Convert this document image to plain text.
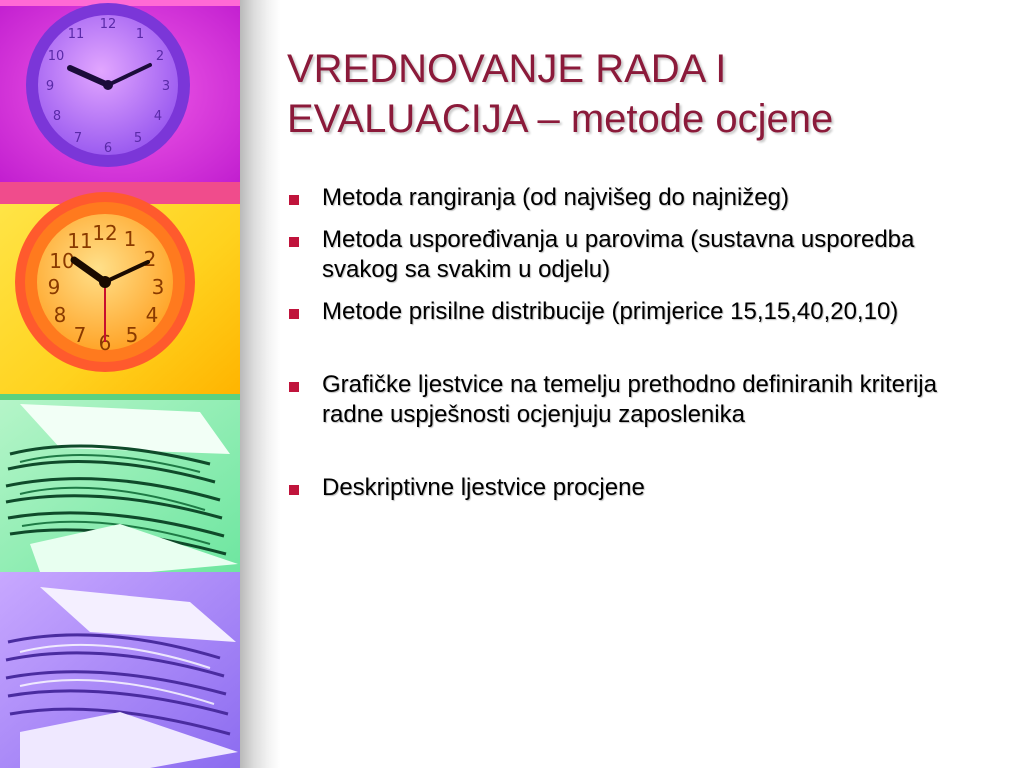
12
1
2
3
4
5
6
7
8
9
10
11
12 1
2
3
4
5
6
7
8
9
10
11
VREDNOVANJE RADA I
EVALUACIJA – metode ocjene
Metoda rangiranja (od najvišeg do najnižeg)
Metoda uspoređivanja u parovima (sustavna usporedba svakog sa svakim u odjelu)
Metode prisilne distribucije (primjerice 15,15,40,20,10)
Grafičke ljestvice na temelju prethodno definiranih kriterija radne uspješnosti ocjenjuju zaposlenika
Deskriptivne ljestvice procjene
